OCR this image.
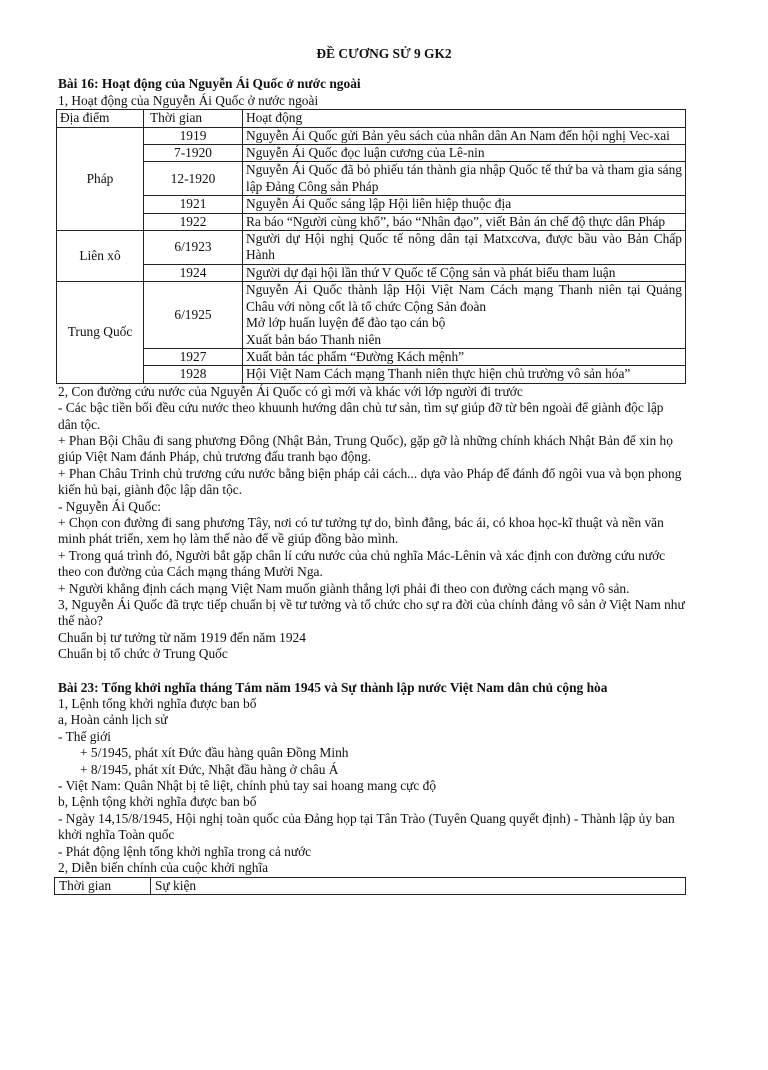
ĐỀ CƯƠNG SỬ 9 GK2

Bài 16: Hoạt động của Nguyễn Ái Quốc ở nước ngoài

1, Hoạt động của Nguyễn Ái Quốc ở nước ngoài

Địa điểm	Thời gian	Hoạt động
Pháp	1919	Nguyễn Ái Quốc gửi Bản yêu sách của nhân dân An Nam đến hội nghị Vec-xai

	7-1920	Nguyễn Ái Quốc đọc luận cương của Lê-nin

	12-1920	Nguyễn Ái Quốc đã bỏ phiếu tán thành gia nhập Quốc tế thứ ba và tham gia sáng lập Đảng Công sản Pháp

	1921	Nguyễn Ái Quốc sáng lập Hội liên hiệp thuộc địa

	1922	Ra báo “Người cùng khổ”, báo “Nhân đạo”, viết Bản án chế độ thực dân Pháp

Liên xô	6/1923	Người dự Hội nghị Quốc tế nông dân tại Matxcơva, được bầu vào Bản Chấp Hành

	1924	Người dự đại hội lần thứ V Quốc tế Cộng sản và phát biểu tham luận

Trung Quốc	6/1925	Nguyễn Ái Quốc thành lập Hội Việt Nam Cách mạng Thanh niên tại Quảng Châu với nòng cốt là tổ chức Cộng Sản đoàn
Mở lớp huấn luyện để đào tạo cán bộ
Xuất bản báo Thanh niên

	1927	Xuất bản tác phẩm “Đường Kách mệnh”

	1928	Hội Việt Nam Cách mạng Thanh niên thực hiện chủ trường vô sản hóa”

2, Con đường cứu nước của Nguyễn Ái Quốc có gì mới và khác với lớp người đi trước

- Các bậc tiền bối đều cứu nước theo khuunh hướng dân chủ tư sản, tìm sự giúp đỡ từ bên ngoài để giành độc lập dân tộc.

+ Phan Bội Châu đi sang phương Đông (Nhật Bản, Trung Quốc), gặp gỡ là những chính khách Nhật Bản để xin họ giúp Việt Nam đánh Pháp, chủ trương đấu tranh bạo động.

+ Phan Châu Trinh chủ trương cứu nước bằng biện pháp cải cách... dựa vào Pháp để đánh đổ ngôi vua và bọn phong kiến hủ bại, giành độc lập dân tộc.

- Nguyễn Ái Quốc:

+ Chọn con đường đi sang phương Tây, nơi có tư tưởng tự do, bình đẳng, bác ái, có khoa học-kĩ thuật và nền văn minh phát triển, xem họ làm thế nào để về giúp đồng bào mình.

+ Trong quá trình đó, Người bắt gặp chân lí cứu nước của chủ nghĩa Mác-Lênin và xác định con đường cứu nước theo con đường của Cách mạng tháng Mười Nga.

+ Người khẳng định cách mạng Việt Nam muốn giành thắng lợi phải đi theo con đường cách mạng vô sản.

3, Nguyễn Ái Quốc đã trực tiếp chuẩn bị về tư tưởng và tổ chức cho sự ra đời của chính đảng vô sản ở Việt Nam như thế nào?

Chuẩn bị tư tưởng từ năm 1919 đến năm 1924

Chuẩn bị tổ chức ở Trung Quốc

Bài 23: Tổng khởi nghĩa tháng Tám năm 1945 và Sự thành lập nước Việt Nam dân chủ cộng hòa

1, Lệnh tổng khởi nghĩa được ban bố

a, Hoàn cảnh lịch sử

- Thế giới

+ 5/1945, phát xít Đức đầu hàng quân Đồng Minh

+ 8/1945, phát xít Đức, Nhật đầu hàng ở châu Á

- Việt Nam: Quân Nhật bị tê liệt, chính phủ tay sai hoang mang cực độ

b, Lệnh tộng khởi nghĩa được ban bố

- Ngày 14,15/8/1945, Hội nghị toàn quốc của Đảng họp tại Tân Trào (Tuyên Quang quyết định) - Thành lập ủy ban khởi nghĩa Toàn quốc

- Phát động lệnh tổng khởi nghĩa trong cả nước

2, Diễn biến chính của cuộc khởi nghĩa

Thời gian	Sự kiện
